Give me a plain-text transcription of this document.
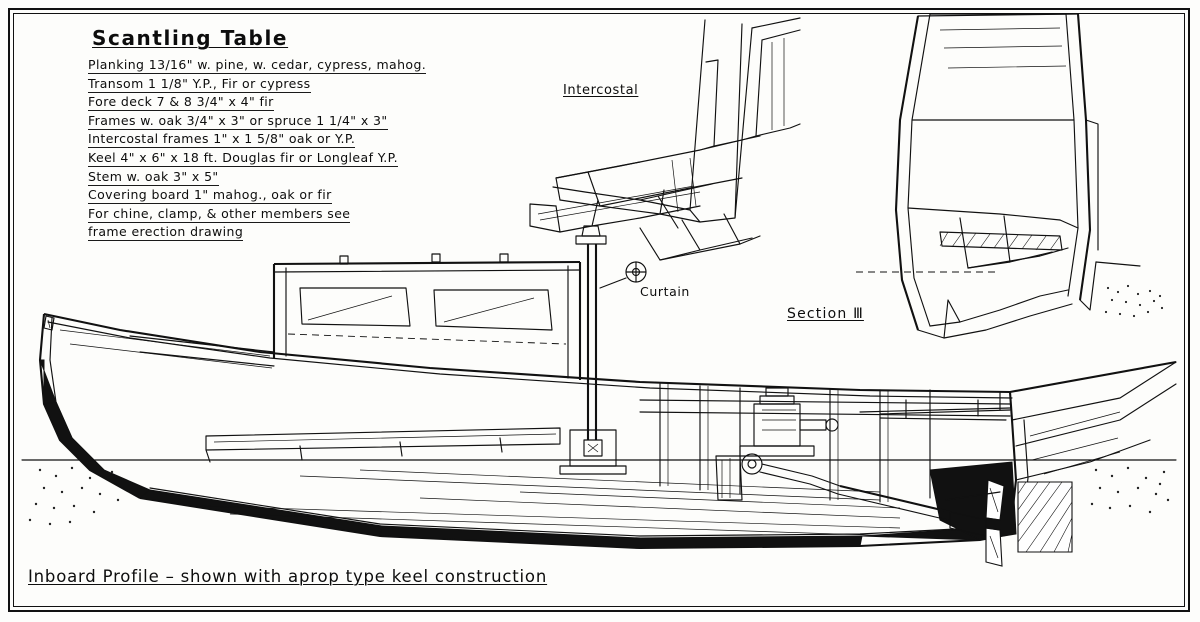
Scantling Table
Planking 13/16" w. pine, w. cedar, cypress, mahog.
Transom 1 1/8" Y.P., Fir or cypress
Fore deck 7 & 8 3/4" x 4" fir
Frames w. oak 3/4" x 3" or spruce 1 1/4" x 3"
Intercostal frames 1" x 1 5/8" oak or Y.P.
Keel 4" x 6" x 18 ft. Douglas fir or Longleaf Y.P.
Stem w. oak 3" x 5"
Covering board 1" mahog., oak or fir
For chine, clamp, & other members see
frame erection drawing
Intercostal
Curtain
Section Ⅲ
Inboard Profile – shown with aprop type keel construction
